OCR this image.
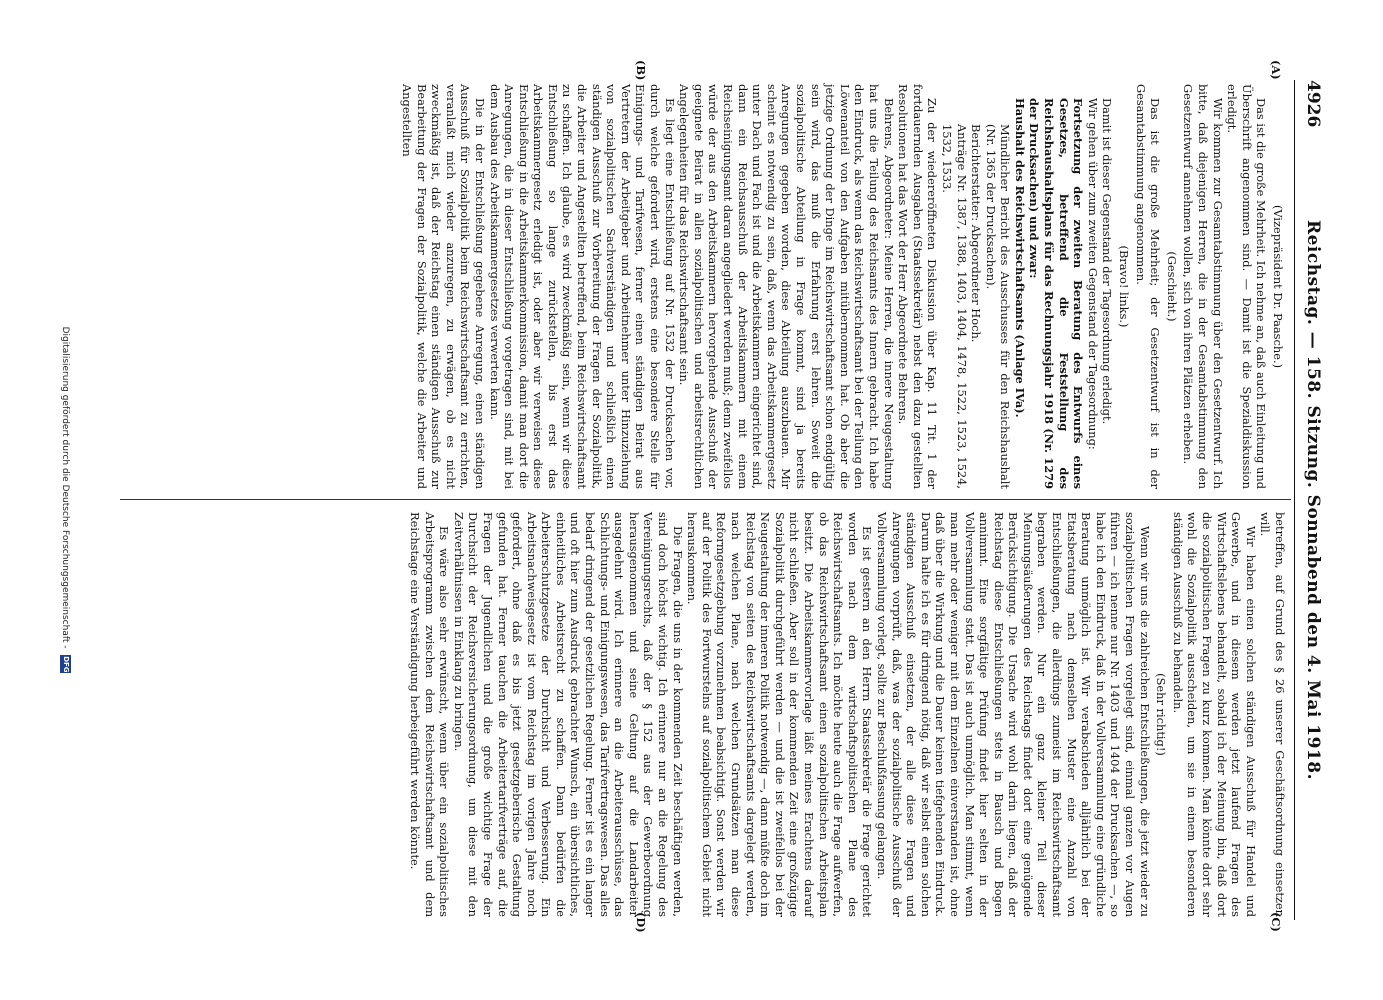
4926
Reichstag. — 158. Sitzung. Sonnabend den 4. Mai 1918.
(A)
(B)
(C)
(D)

(Vizepräsident Dr. Paasche.)

Das ist die große Mehrheit. Ich nehme an, daß auch Einleitung und Überschrift angenommen sind. — Damit ist die Spezialdiskussion erledigt.

Wir kommen zur Gesamtabstimmung über den Gesetzentwurf. Ich bitte, daß diejenigen Herren, die in der Gesamtabstimmung den Gesetzentwurf annehmen wollen, sich von ihren Plätzen erheben.

(Geschieht.)

Das ist die große Mehrheit; der Gesetzentwurf ist in der Gesamtabstimmung angenommen.

(Bravo! links.)

Damit ist dieser Gegenstand der Tagesordnung erledigt.

Wir gehen über zum zweiten Gegenstand der Tagesordnung:

Fortsetzung der zweiten Beratung des Entwurfs eines Gesetzes, betreffend die Feststellung des Reichshaushaltsplans für das Rechnungsjahr 1918 (Nr. 1279 der Drucksachen) und zwar:

Haushalt des Reichswirtschaftsamts (Anlage IVa).

Mündlicher Bericht des Ausschusses für den Reichshaushalt (Nr. 1365 der Drucksachen).

Berichterstatter: Abgeordneter Hoch.

Anträge Nr. 1387, 1388, 1403, 1404, 1478, 1522, 1523, 1524, 1532, 1533.

Zu der wiedereröffneten Diskussion über Kap. 11 Tit. 1 der fortdauernden Ausgaben (Staatssekretär) nebst den dazu gestellten Resolutionen hat das Wort der Herr Abgeordnete Behrens.

Behrens, Abgeordneter: Meine Herren, die innere Neugestaltung hat uns die Teilung des Reichsamts des Innern gebracht. Ich habe den Eindruck, als wenn das Reichswirtschaftsamt bei der Teilung den Löwenanteil von den Aufgaben mitübernommen hat. Ob aber die jetzige Ordnung der Dinge im Reichswirtschaftsamt schon endgültig sein wird, das muß die Erfahrung erst lehren. Soweit die sozialpolitische Abteilung in Frage kommt, sind ja bereits Anregungen gegeben worden, diese Abteilung auszubauen. Mir scheint es notwendig zu sein, daß, wenn das Arbeitskammergesetz unter Dach und Fach ist und die Arbeitskammern eingerichtet sind, dann ein Reichsausschuß der Arbeitskammern mit einem Reichseinigungsamt daran angegliedert werden muß; denn zweifellos würde der aus den Arbeitskammern hervorgehende Ausschuß der geeignete Beirat in allen sozialpolitischen und arbeitsrechtlichen Angelegenheiten für das Reichswirtschaftsamt sein.

Es liegt eine Entschließung auf Nr. 1532 der Drucksachen vor, durch welche gefordert wird, erstens eine besondere Stelle für Einigungs- und Tarifwesen, ferner einen ständigen Beirat aus Vertretern der Arbeitgeber und Arbeitnehmer unter Hinzuziehung von sozialpolitischen Sachverständigen und schließlich einen ständigen Ausschuß zur Vorbereitung der Fragen der Sozialpolitik, die Arbeiter und Angestellten betreffend, beim Reichswirtschaftsamt zu schaffen. Ich glaube, es wird zweckmäßig sein, wenn wir diese Entschließung so lange zurückstellen, bis erst das Arbeitskammergesetz erledigt ist, oder aber wir verweisen diese Entschließung in die Arbeitskammerkommission, damit man dort die Anregungen, die in dieser Entschließung vorgetragen sind, mit bei dem Ausbau des Arbeitskammergesetzes verwerten kann.

Die in der Entschließung gegebene Anregung, einen ständigen Ausschuß für Sozialpolitik beim Reichswirtschaftsamt zu errichten, veranlaßt mich wieder anzuregen, zu erwägen, ob es nicht zweckmäßig ist, daß der Reichstag einen ständigen Ausschuß zur Bearbeitung der Fragen der Sozialpolitik, welche die Arbeiter und Angestellten

betreffen, auf Grund des § 26 unserer Geschäftsordnung einsetzen will.

Wir haben einen solchen ständigen Ausschuß für Handel und Gewerbe, und in diesem werden jetzt laufend Fragen des Wirtschaftslebens behandelt, sobald ich der Meinung bin, daß dort die sozialpolitischen Fragen zu kurz kommen. Man könnte dort sehr wohl die Sozialpolitik ausscheiden, um sie in einem besonderen ständigen Ausschuß zu behandeln.

(Sehr richtig!)

Wenn wir uns die zahlreichen Entschließungen, die jetzt wieder zu sozialpolitischen Fragen vorgelegt sind, einmal ganzen vor Augen führen — ich nenne nur Nr. 1403 und 1404 der Drucksachen —, so habe ich den Eindruck, daß in der Vollversammlung eine gründliche Beratung unmöglich ist. Wir verabschieden alljährlich bei der Etatsberatung nach demselben Muster eine Anzahl von Entschließungen, die allerdings zumeist im Reichswirtschaftsamt begraben werden. Nur ein ganz kleiner Teil dieser Meinungsäußerungen des Reichstags findet dort eine genügende Berücksichtigung. Die Ursache wird wohl darin liegen, daß der Reichstag diese Entschließungen stets in Bausch und Bogen annimmt. Eine sorgfältige Prüfung findet hier selten in der Vollversammlung statt. Das ist auch unmöglich. Man stimmt, wenn man mehr oder weniger mit dem Einzelnen einverstanden ist, ohne daß über die Wirkung und die Dauer keinen tiefgehenden Eindruck. Darum halte ich es für dringend nötig, daß wir selbst einen solchen ständigen Ausschuß einsetzen, der alle diese Fragen und Anregungen vorprüft, daß, was der sozialpolitische Ausschuß der Vollversammlung vorlegt, sollte zur Beschlußfassung gelangen.

Es ist gestern an den Herrn Staatssekretär die Frage gerichtet worden nach dem wirtschaftspolitischen Plane des Reichswirtschaftsamts. Ich möchte heute auch die Frage aufwerfen, ob das Reichswirtschaftsamt einen sozialpolitischen Arbeitsplan besitzt. Die Arbeitskammervorlage läßt meines Erachtens darauf nicht schließen. Aber soll in der kommenden Zeit eine großzügige Sozialpolitik durchgeführt werden — und die ist zweifellos bei der Neugestaltung der inneren Politik notwendig —, dann müßte doch im Reichstag von seiten des Reichswirtschaftsamts dargelegt werden, nach welchen Plane, nach welchen Grundsätzen man diese Reformgesetzgebung vorzunehmen beabsichtigt. Sonst werden wir auf der Politik des Fortwurstelns auf sozialpolitischem Gebiet nicht herauskommen.

Die Fragen, die uns in der kommenden Zeit beschäftigen werden, sind doch höchst wichtig. Ich erinnere nur an die Regelung des Vereinigungsrechts, daß der § 152 aus der Gewerbeordnung herausgenommen und seine Geltung auf die Landarbeiter ausgedehnt wird. Ich erinnere an die Arbeiterausschüsse, das Schlichtungs- und Einigungswesen, das Tarifvertragswesen. Das alles bedarf dringend der gesetzlichen Regelung. Ferner ist es ein langer und oft hier zum Ausdruck gebrachter Wunsch, ein übersichtliches, einheitliches Arbeitsrecht zu schaffen. Dann bedürfen die Arbeiterschutzgesetze der Durchsicht und Verbesserung. Ein Arbeitsnachweisgesetz ist vom Reichstag im vorigen Jahre noch gefordert, ohne daß es bis jetzt gesetzgeberische Gestaltung gefunden hat. Ferner tauchen die Arbeitertarifverträge auf, die Fragen der Jugendlichen und die große wichtige Frage der Durchsicht der Reichsversicherungsordnung, um diese mit den Zeitverhältnissen in Einklang zu bringen.

Es wäre also sehr erwünscht, wenn über ein sozialpolitisches Arbeitsprogramm zwischen dem Reichswirtschaftsamt und dem Reichstage eine Verständigung herbeigeführt werden könnte.

Digitalisierung gefördert durch die Deutsche Forschungsgemeinschaft - DFG
